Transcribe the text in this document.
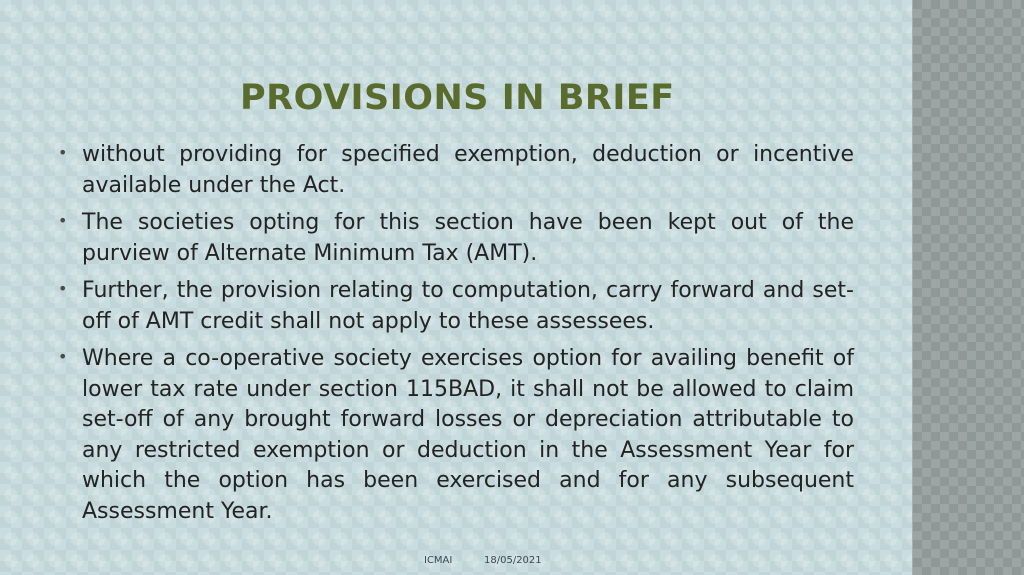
PROVISIONS IN BRIEF
• without providing for specified exemption, deduction or incentive available under the Act.
• The societies opting for this section have been kept out of the purview of Alternate Minimum Tax (AMT).
• Further, the provision relating to computation, carry forward and set-off of AMT credit shall not apply to these assessees.
• Where a co-operative society exercises option for availing benefit of lower tax rate under section 115BAD, it shall not be allowed to claim set-off of any brought forward losses or depreciation attributable to any restricted exemption or deduction in the Assessment Year for which the option has been exercised and for any subsequent Assessment Year.
ICMAI	18/05/2021
